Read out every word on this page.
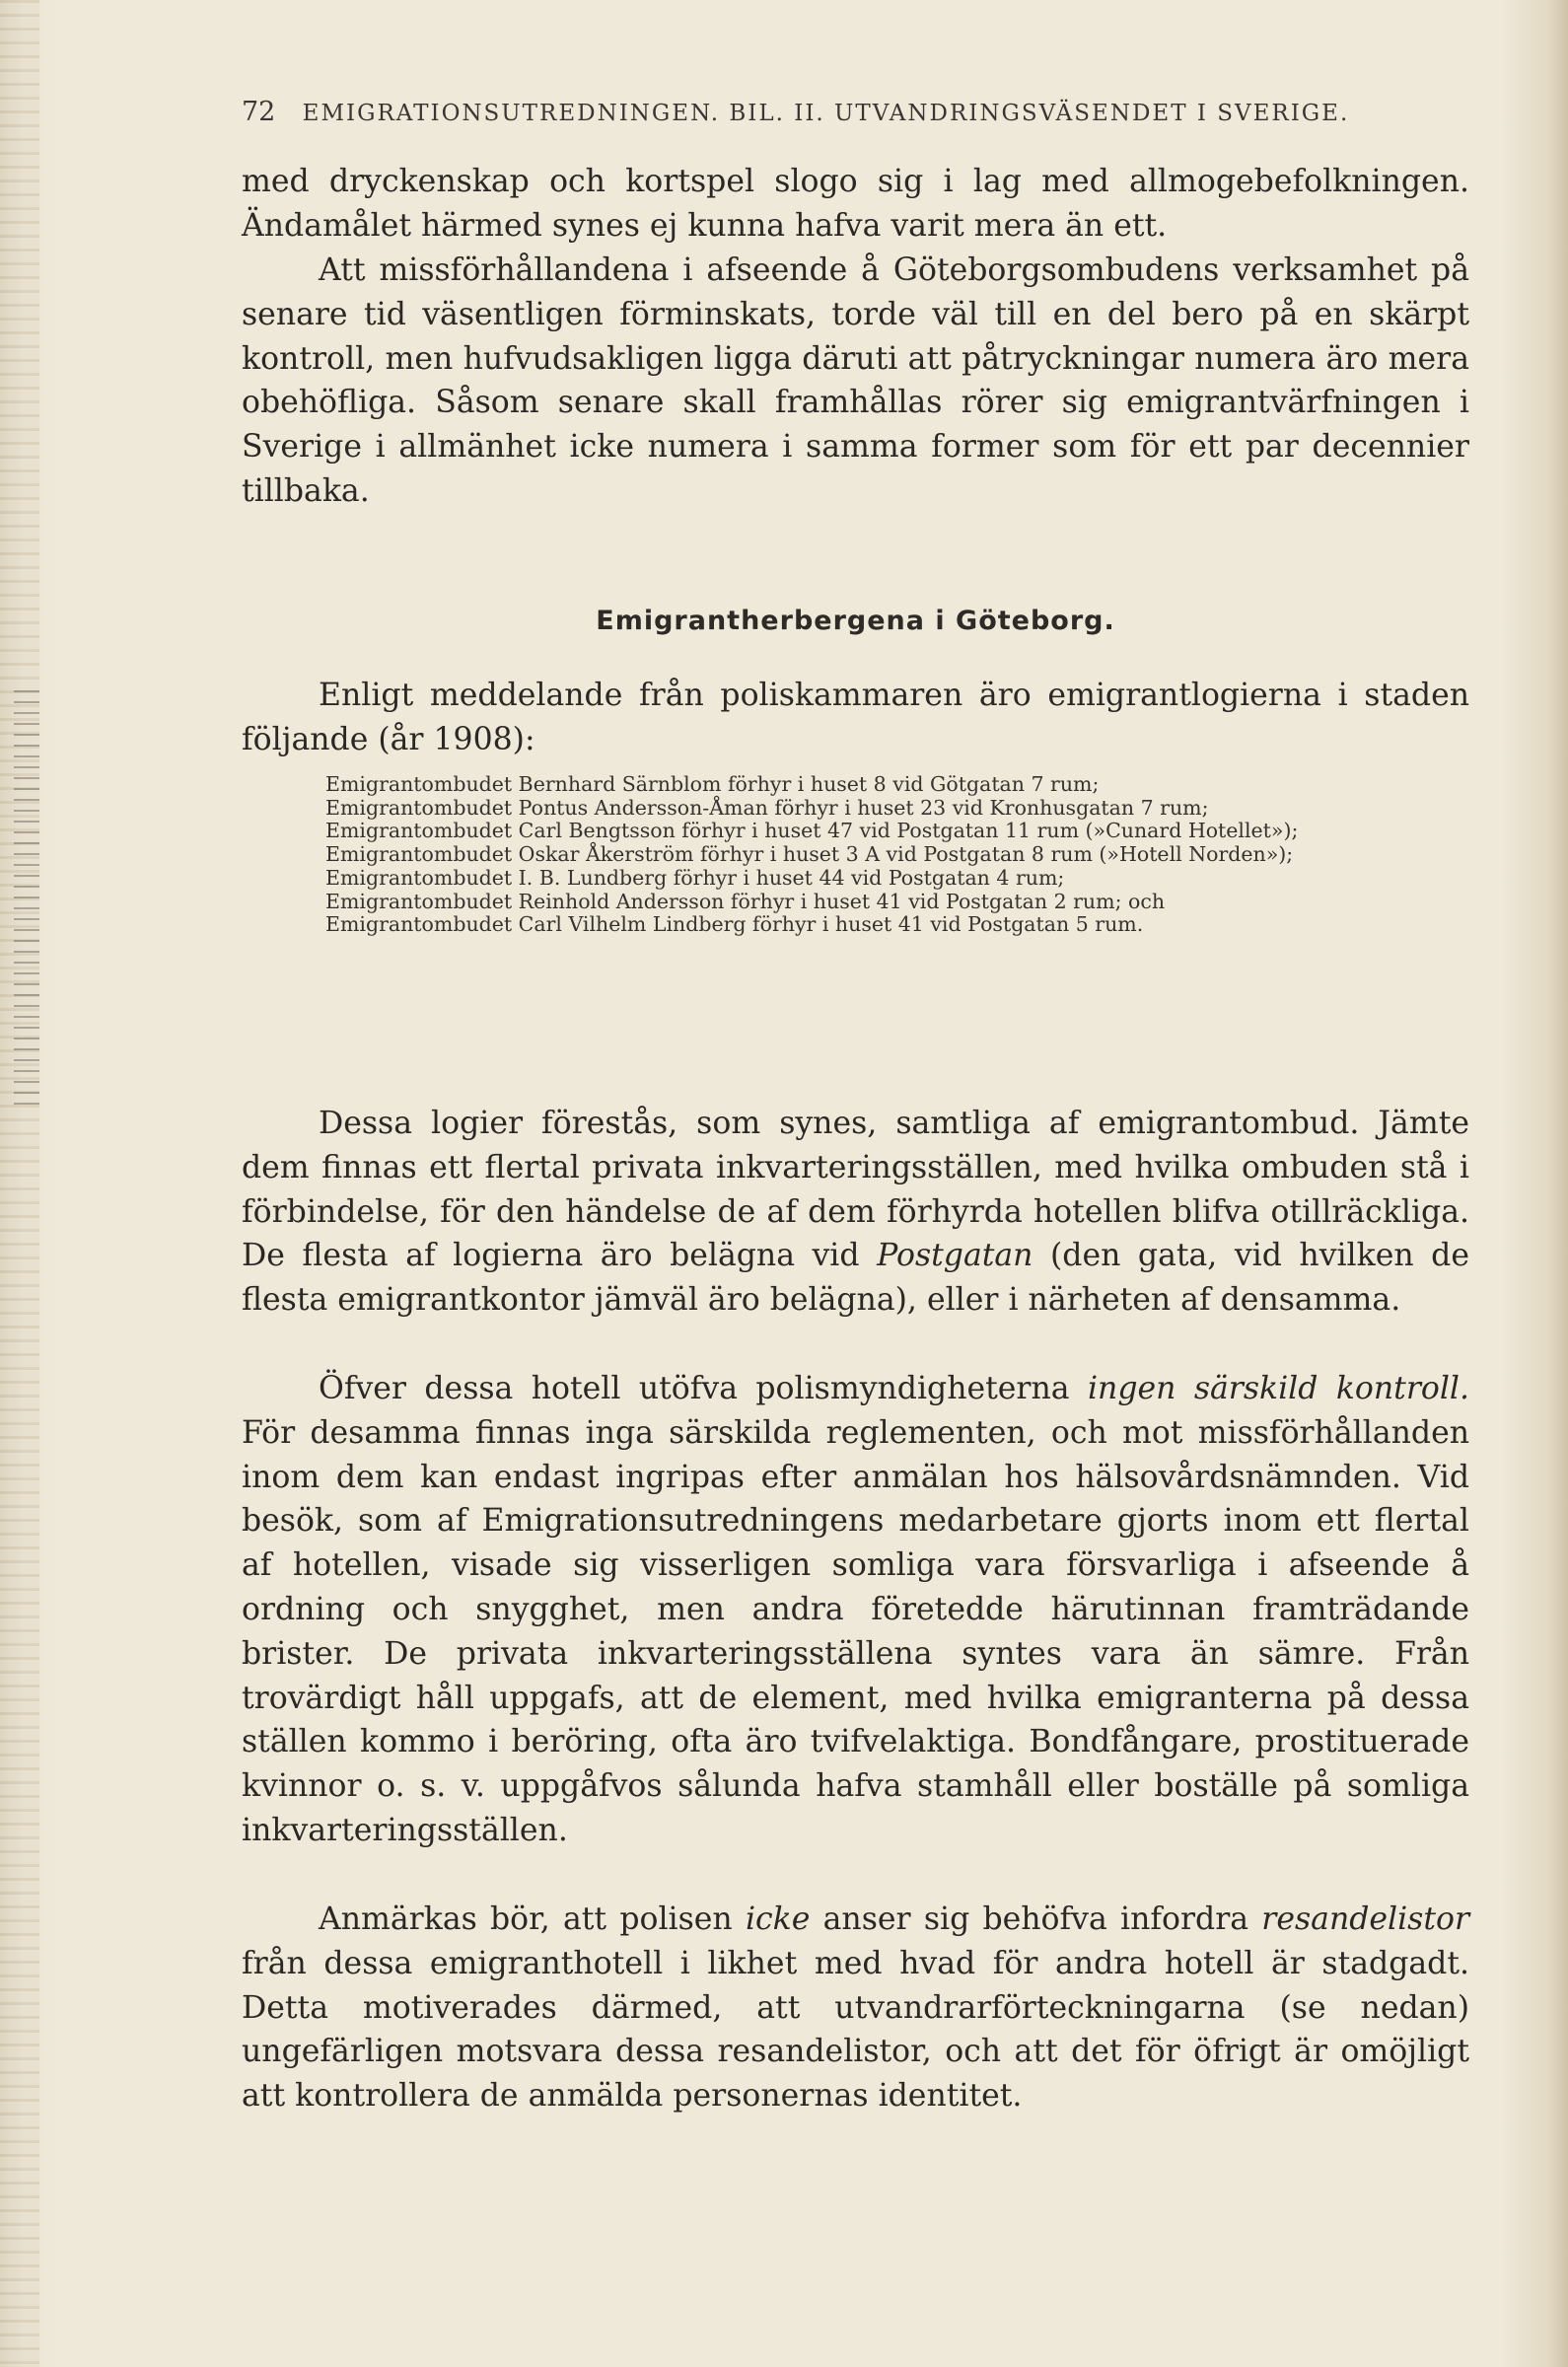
72 EMIGRATIONSUTREDNINGEN. BIL. II. UTVANDRINGSVÄSENDET I SVERIGE.

med dryckenskap och kortspel slogo sig i lag med allmogebefolkningen. Ändamålet härmed synes ej kunna hafva varit mera än ett.

Att missförhållandena i afseende å Göteborgsombudens verksamhet på senare tid väsentligen förminskats, torde väl till en del bero på en skärpt kontroll, men hufvudsakligen ligga däruti att påtryckningar numera äro mera obehöfliga. Såsom senare skall framhållas rörer sig emigrantvärfningen i Sverige i allmänhet icke numera i samma former som för ett par decennier tillbaka.

Emigrantherbergena i Göteborg.

Enligt meddelande från poliskammaren äro emigrantlogierna i staden följande (år 1908):

Emigrantombudet Bernhard Särnblom förhyr i huset 8 vid Götgatan 7 rum;
Emigrantombudet Pontus Andersson-Åman förhyr i huset 23 vid Kronhusgatan 7 rum;
Emigrantombudet Carl Bengtsson förhyr i huset 47 vid Postgatan 11 rum (»Cunard Hotellet»);
Emigrantombudet Oskar Åkerström förhyr i huset 3 A vid Postgatan 8 rum (»Hotell Norden»);
Emigrantombudet I. B. Lundberg förhyr i huset 44 vid Postgatan 4 rum;
Emigrantombudet Reinhold Andersson förhyr i huset 41 vid Postgatan 2 rum; och
Emigrantombudet Carl Vilhelm Lindberg förhyr i huset 41 vid Postgatan 5 rum.

Dessa logier förestås, som synes, samtliga af emigrantombud. Jämte dem finnas ett flertal privata inkvarteringsställen, med hvilka ombuden stå i förbindelse, för den händelse de af dem förhyrda hotellen blifva otillräckliga. De flesta af logierna äro belägna vid Postgatan (den gata, vid hvilken de flesta emigrantkontor jämväl äro belägna), eller i närheten af densamma.

Öfver dessa hotell utöfva polismyndigheterna ingen särskild kontroll. För desamma finnas inga särskilda reglementen, och mot missförhållanden inom dem kan endast ingripas efter anmälan hos hälsovårdsnämnden. Vid besök, som af Emigrationsutredningens medarbetare gjorts inom ett flertal af hotellen, visade sig visserligen somliga vara försvarliga i afseende å ordning och snygghet, men andra företedde härutinnan framträdande brister. De privata inkvarteringsställena syntes vara än sämre. Från trovärdigt håll uppgafs, att de element, med hvilka emigranterna på dessa ställen kommo i beröring, ofta äro tvifvelaktiga. Bondfångare, prostituerade kvinnor o. s. v. uppgåfvos sålunda hafva stamhåll eller boställe på somliga inkvarteringsställen.

Anmärkas bör, att polisen icke anser sig behöfva infordra resandelistor från dessa emigranthotell i likhet med hvad för andra hotell är stadgadt. Detta motiverades därmed, att utvandrarförteckningarna (se nedan) ungefärligen motsvara dessa resandelistor, och att det för öfrigt är omöjligt att kontrollera de anmälda personernas identitet.
